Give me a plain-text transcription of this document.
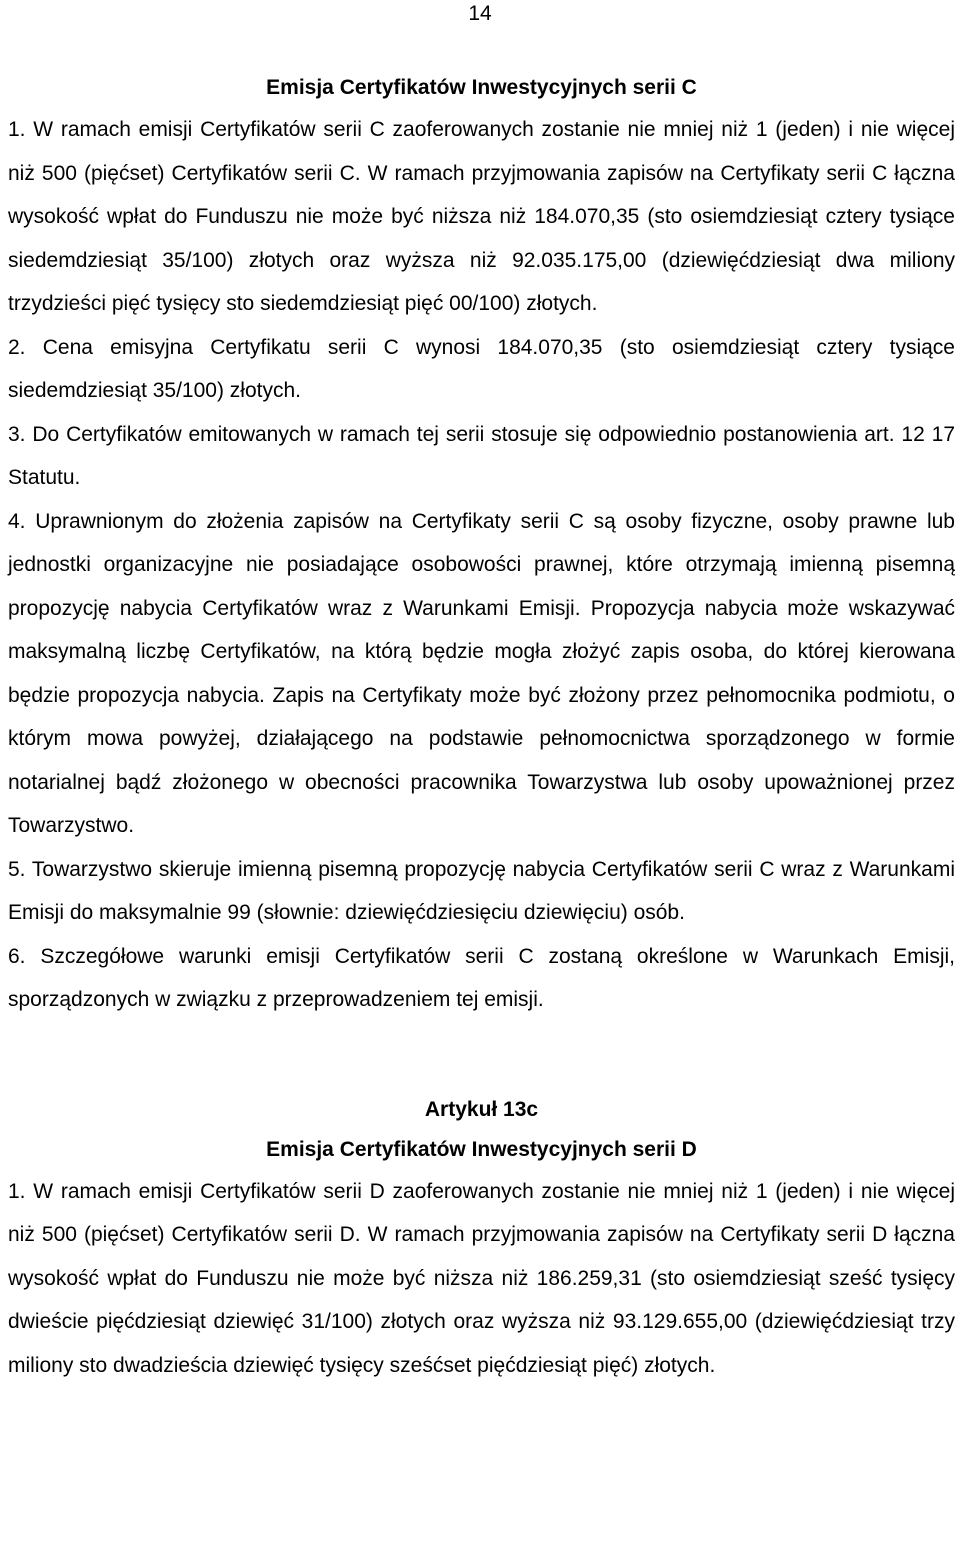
14

Emisja Certyfikatów Inwestycyjnych serii C

1. W ramach emisji Certyfikatów serii C zaoferowanych zostanie nie mniej niż 1 (jeden) i nie więcej niż 500 (pięćset) Certyfikatów serii C. W ramach przyjmowania zapisów na Certyfikaty serii C łączna wysokość wpłat do Funduszu nie może być niższa niż 184.070,35 (sto osiemdziesiąt cztery tysiące siedemdziesiąt 35/100) złotych oraz wyższa niż 92.035.175,00 (dziewięćdziesiąt dwa miliony trzydzieści pięć tysięcy sto siedemdziesiąt pięć 00/100) złotych.

2. Cena emisyjna Certyfikatu serii C wynosi 184.070,35 (sto osiemdziesiąt cztery tysiące siedemdziesiąt 35/100) złotych.

3. Do Certyfikatów emitowanych w ramach tej serii stosuje się odpowiednio postanowienia art. 12 17 Statutu.

4. Uprawnionym do złożenia zapisów na Certyfikaty serii C są osoby fizyczne, osoby prawne lub jednostki organizacyjne nie posiadające osobowości prawnej, które otrzymają imienną pisemną propozycję nabycia Certyfikatów wraz z Warunkami Emisji. Propozycja nabycia może wskazywać maksymalną liczbę Certyfikatów, na którą będzie mogła złożyć zapis osoba, do której kierowana będzie propozycja nabycia. Zapis na Certyfikaty może być złożony przez pełnomocnika podmiotu, o którym mowa powyżej, działającego na podstawie pełnomocnictwa sporządzonego w formie notarialnej bądź złożonego w obecności pracownika Towarzystwa lub osoby upoważnionej przez Towarzystwo.

5. Towarzystwo skieruje imienną pisemną propozycję nabycia Certyfikatów serii C wraz z Warunkami Emisji do maksymalnie 99 (słownie: dziewięćdziesięciu dziewięciu) osób.

6. Szczegółowe warunki emisji Certyfikatów serii C zostaną określone w Warunkach Emisji, sporządzonych w związku z przeprowadzeniem tej emisji.

Artykuł 13c

Emisja Certyfikatów Inwestycyjnych serii D

1. W ramach emisji Certyfikatów serii D zaoferowanych zostanie nie mniej niż 1 (jeden) i nie więcej niż 500 (pięćset) Certyfikatów serii D. W ramach przyjmowania zapisów na Certyfikaty serii D łączna wysokość wpłat do Funduszu nie może być niższa niż 186.259,31 (sto osiemdziesiąt sześć tysięcy dwieście pięćdziesiąt dziewięć 31/100) złotych oraz wyższa niż 93.129.655,00 (dziewięćdziesiąt trzy miliony sto dwadzieścia dziewięć tysięcy sześćset pięćdziesiąt pięć) złotych.
